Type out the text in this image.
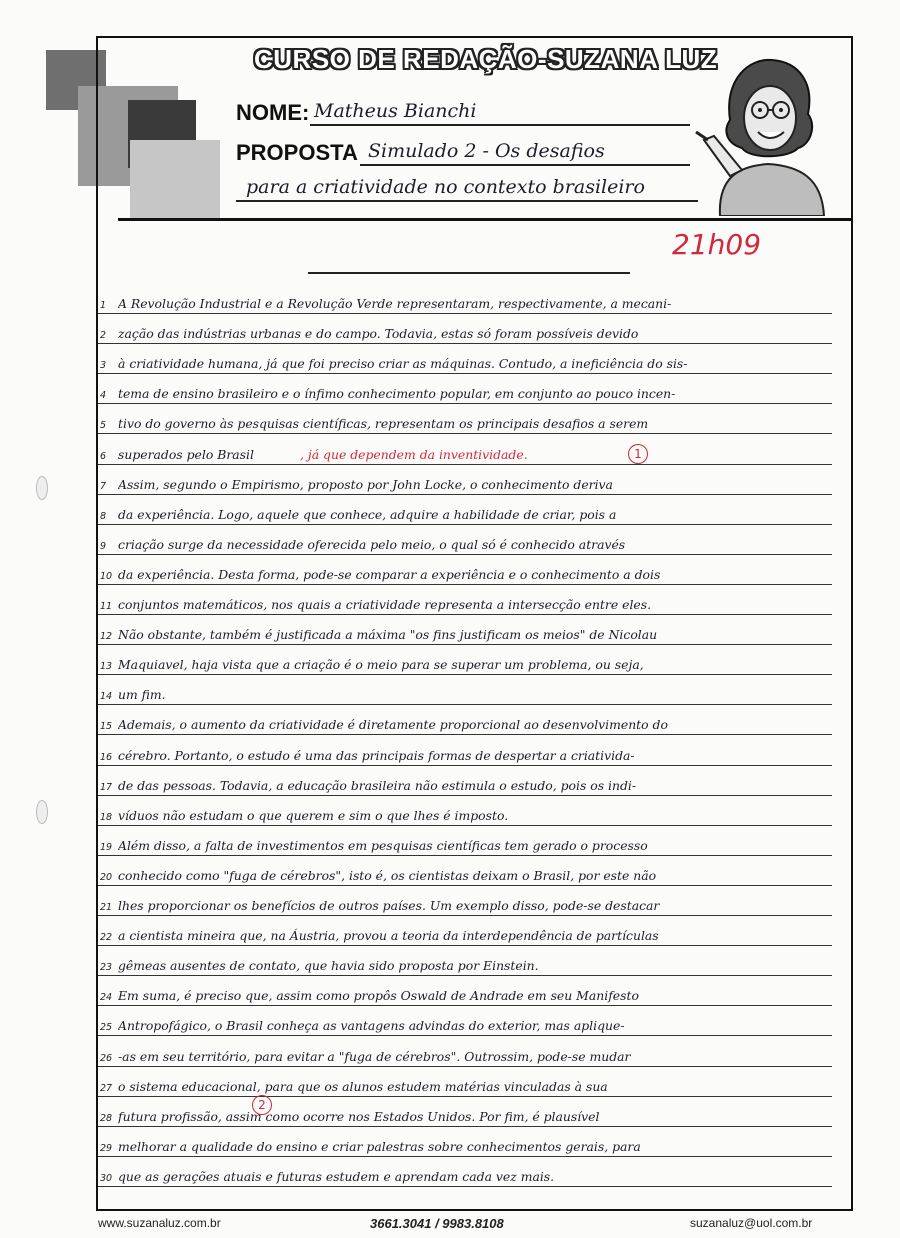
CURSO DE REDAÇÃO-SUZANA LUZ
NOME: Matheus Bianchi
PROPOSTA Simulado 2 - Os desafios
para a criatividade no contexto brasileiro
21h09
1 A Revolução Industrial e a Revolução Verde representaram, respectivamente, a mecani-
2 zação das indústrias urbanas e do campo. Todavia, estas só foram possíveis devido
3 à criatividade humana, já que foi preciso criar as máquinas. Contudo, a ineficiência do sis-
4 tema de ensino brasileiro e o ínfimo conhecimento popular, em conjunto ao pouco incen-
5 tivo do governo às pesquisas científicas, representam os principais desafios a serem
6 superados pelo Brasil
7 Assim, segundo o Empirismo, proposto por John Locke, o conhecimento deriva
8 da experiência. Logo, aquele que conhece, adquire a habilidade de criar, pois a
9 criação surge da necessidade oferecida pelo meio, o qual só é conhecido através
10 da experiência. Desta forma, pode-se comparar a experiência e o conhecimento a dois
11 conjuntos matemáticos, nos quais a criatividade representa a intersecção entre eles.
12 Não obstante, também é justificada a máxima "os fins justificam os meios" de Nicolau
13 Maquiavel, haja vista que a criação é o meio para se superar um problema, ou seja,
14 um fim.
15 Ademais, o aumento da criatividade é diretamente proporcional ao desenvolvimento do
16 cérebro. Portanto, o estudo é uma das principais formas de despertar a criativida-
17 de das pessoas. Todavia, a educação brasileira não estimula o estudo, pois os indi-
18 víduos não estudam o que querem e sim o que lhes é imposto.
19 Além disso, a falta de investimentos em pesquisas científicas tem gerado o processo
20 conhecido como "fuga de cérebros", isto é, os cientistas deixam o Brasil, por este não
21 lhes proporcionar os benefícios de outros países. Um exemplo disso, pode-se destacar
22 a cientista mineira que, na Áustria, provou a teoria da interdependência de partículas
23 gêmeas ausentes de contato, que havia sido proposta por Einstein.
24 Em suma, é preciso que, assim como propôs Oswald de Andrade em seu Manifesto
25 Antropofágico, o Brasil conheça as vantagens advindas do exterior, mas aplique-
26 -as em seu território, para evitar a "fuga de cérebros". Outrossim, pode-se mudar
27 o sistema educacional, para que os alunos estudem matérias vinculadas à sua
28 futura profissão, assim como ocorre nos Estados Unidos. Por fim, é plausível
29 melhorar a qualidade do ensino e criar palestras sobre conhecimentos gerais, para
30 que as gerações atuais e futuras estudem e aprendam cada vez mais.
, já que dependem da inventividade.	1
2
www.suzanaluz.com.br	3661.3041 / 9983.8108	suzanaluz@uol.com.br
